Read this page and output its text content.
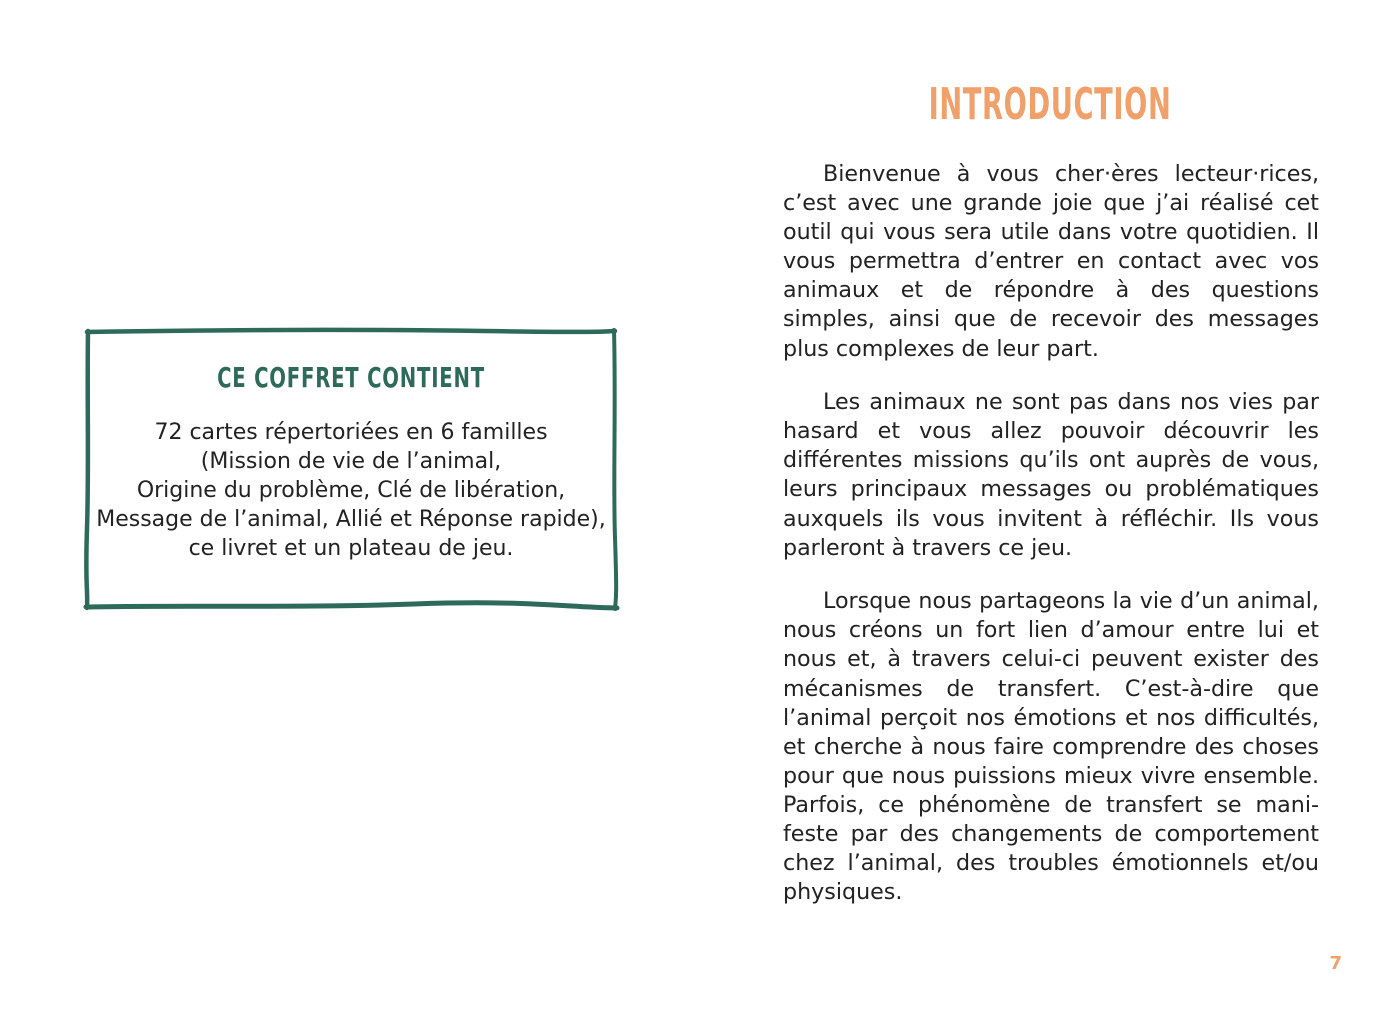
CE COFFRET CONTIENT
72 cartes répertoriées en 6 familles
(Mission de vie de l’animal,
Origine du problème, Clé de libération,
Message de l’animal, Allié et Réponse rapide),
ce livret et un plateau de jeu.
INTRODUCTION

Bienvenue à vous cher·ères lecteur·rices, c’est avec une grande joie que j’ai réalisé cet outil qui vous sera utile dans votre quotidien. Il vous permettra d’entrer en contact avec vos animaux et de répondre à des questions simples, ainsi que de recevoir des messages plus complexes de leur part.

Les animaux ne sont pas dans nos vies par hasard et vous allez pouvoir découvrir les différentes missions qu’ils ont auprès de vous, leurs principaux messages ou problématiques auxquels ils vous invitent à réfléchir. Ils vous parleront à travers ce jeu.

Lorsque nous partageons la vie d’un animal, nous créons un fort lien d’amour entre lui et nous et, à travers celui-ci peuvent exister des mécanismes de transfert. C’est-à-dire que l’animal perçoit nos émotions et nos difficultés, et cherche à nous faire comprendre des choses pour que nous puissions mieux vivre ensemble. Parfois, ce phénomène de transfert se manifeste par des changements de comportement chez l’animal, des troubles émotionnels et/ou physiques.

7
